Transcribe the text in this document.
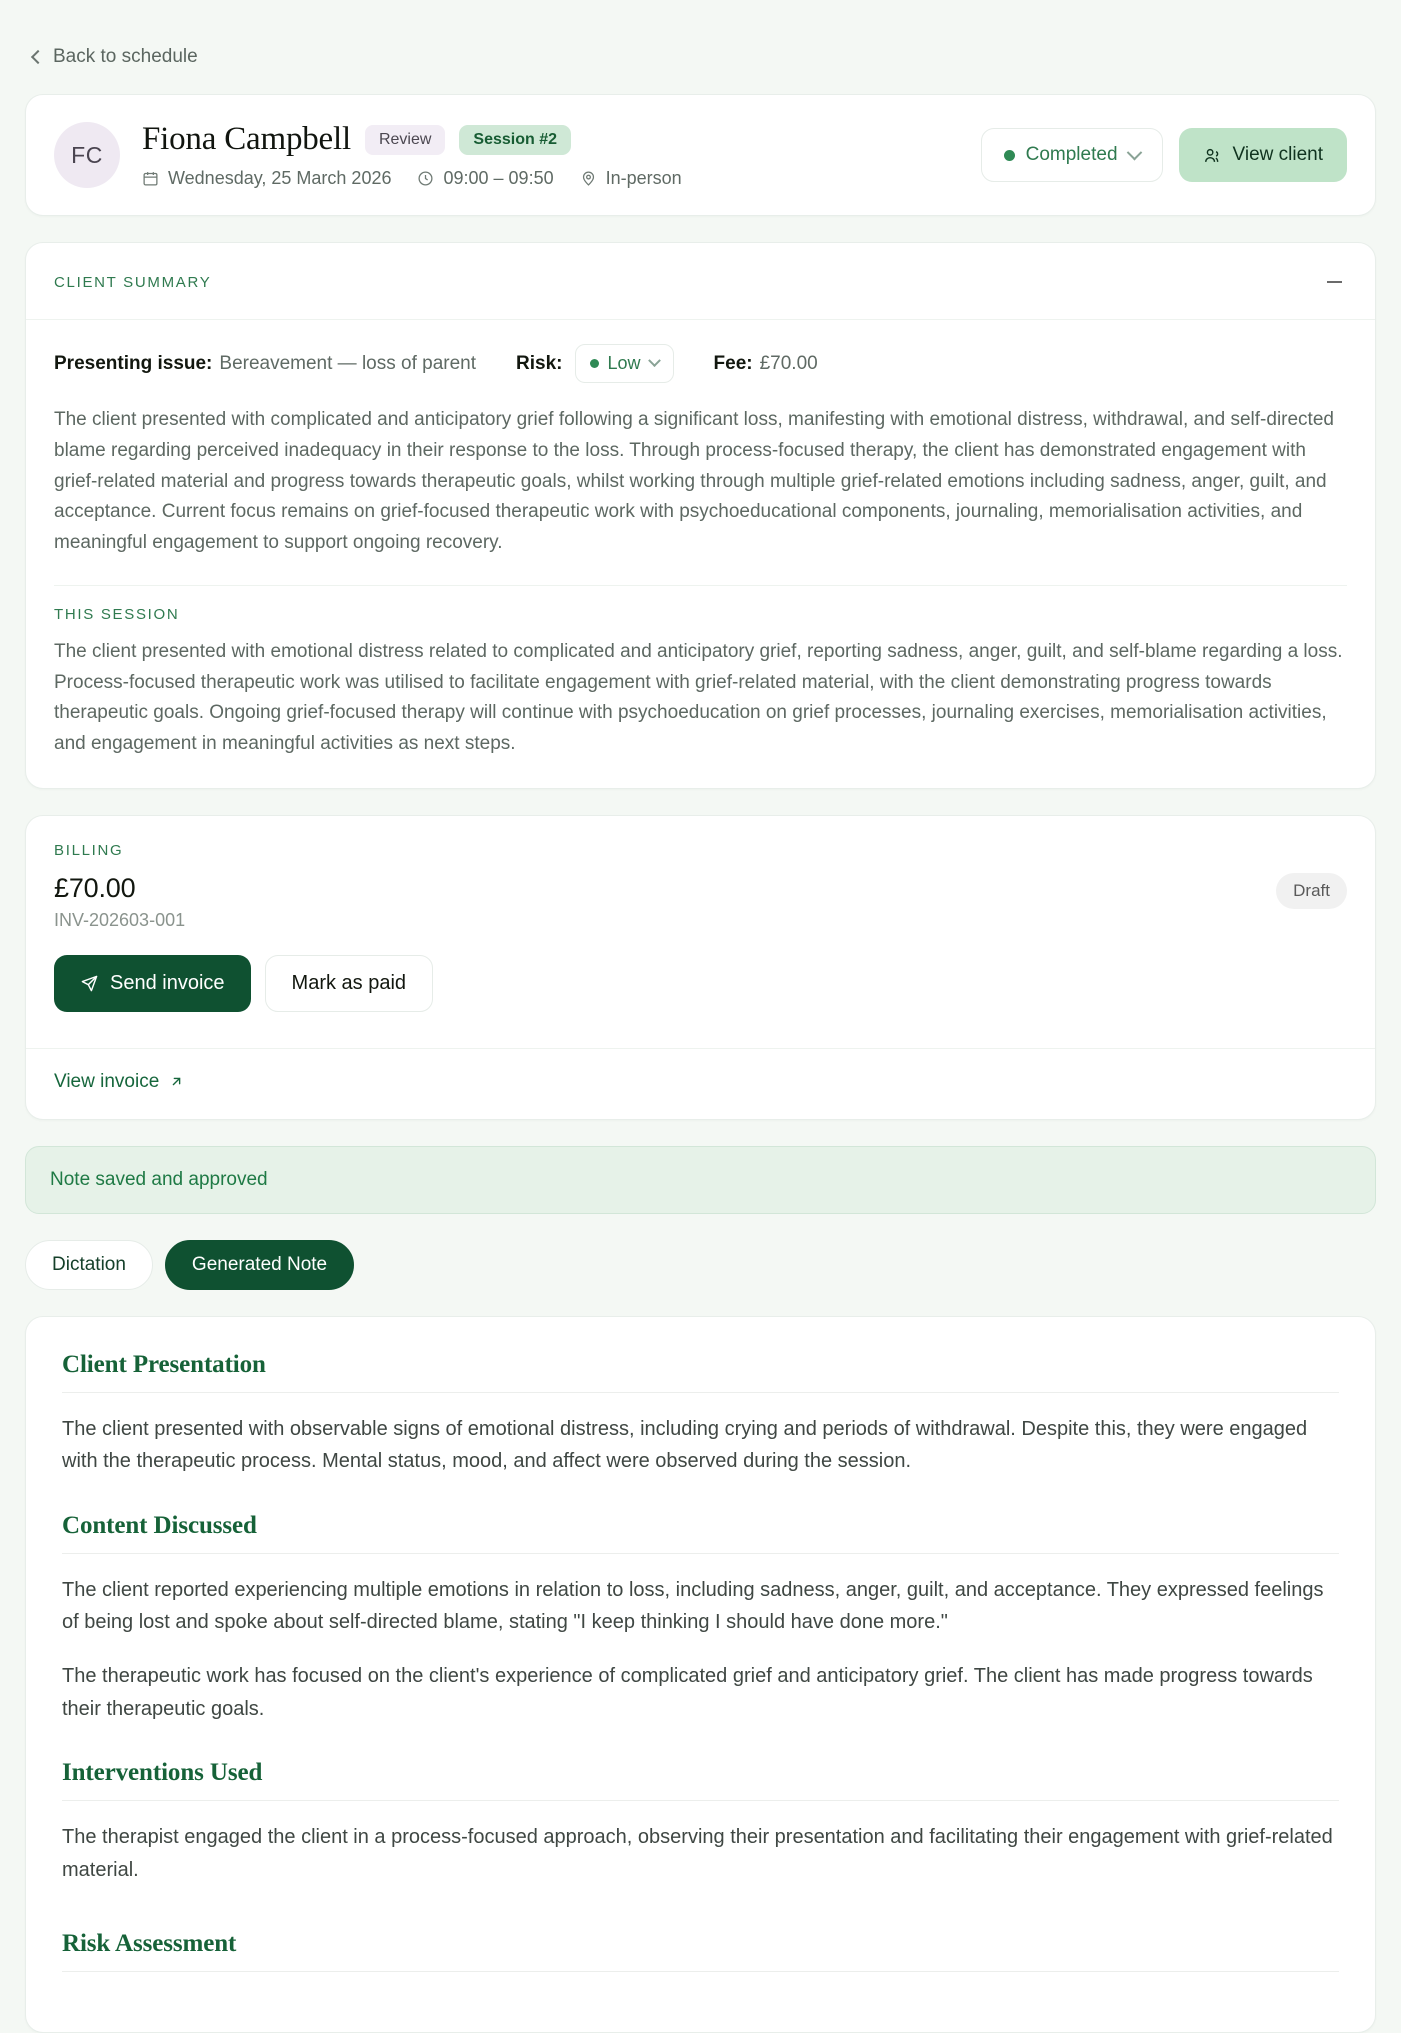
Back to schedule
FC Fiona Campbell	Review	Session #2
Wednesday, 25 March 2026	09:00 – 09:50	In-person
Completed	View client
CLIENT SUMMARY
Presenting issue: Bereavement — loss of parent Risk:	Low	Fee: £70.00

The client presented with complicated and anticipatory grief following a significant loss, manifesting with emotional distress, withdrawal, and self-directed blame regarding perceived inadequacy in their response to the loss. Through process-focused therapy, the client has demonstrated engagement with grief-related material and progress towards therapeutic goals, whilst working through multiple grief-related emotions including sadness, anger, guilt, and acceptance. Current focus remains on grief-focused therapeutic work with psychoeducational components, journaling, memorialisation activities, and meaningful engagement to support ongoing recovery.

THIS SESSION

The client presented with emotional distress related to complicated and anticipatory grief, reporting sadness, anger, guilt, and self-blame regarding a loss. Process-focused therapeutic work was utilised to facilitate engagement with grief-related material, with the client demonstrating progress towards therapeutic goals. Ongoing grief-focused therapy will continue with psychoeducation on grief processes, journaling exercises, memorialisation activities, and engagement in meaningful activities as next steps.

BILLING
£70.00
INV-202603-001
Draft
Send invoice	Mark as paid
View invoice
Note saved and approved
Dictation	Generated Note
Client Presentation

The client presented with observable signs of emotional distress, including crying and periods of withdrawal. Despite this, they were engaged with the therapeutic process. Mental status, mood, and affect were observed during the session.

Content Discussed

The client reported experiencing multiple emotions in relation to loss, including sadness, anger, guilt, and acceptance. They expressed feelings of being lost and spoke about self-directed blame, stating "I keep thinking I should have done more."

The therapeutic work has focused on the client's experience of complicated grief and anticipatory grief. The client has made progress towards their therapeutic goals.

Interventions Used

The therapist engaged the client in a process-focused approach, observing their presentation and facilitating their engagement with grief-related material.

Risk Assessment
